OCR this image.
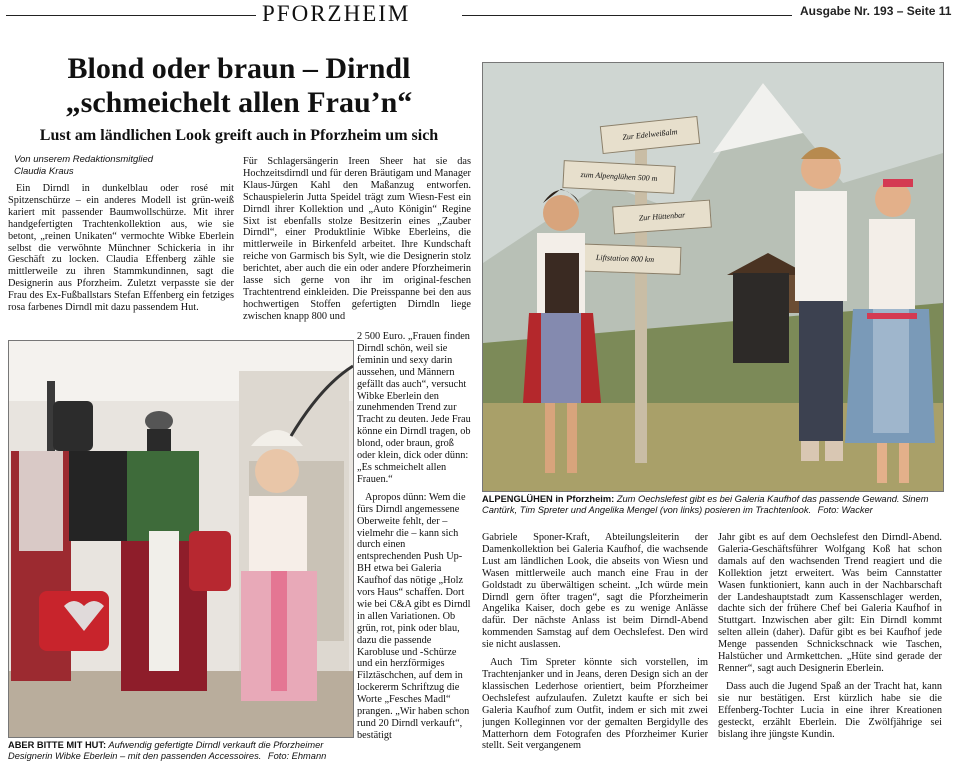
PFORZHEIM	Ausgabe Nr. 193 – Seite 11
Blond oder braun – Dirndl
„schmeichelt allen Frau’n“
Lust am ländlichen Look greift auch in Pforzheim um sich
Von unserem Redaktionsmitglied
Claudia Kraus

Ein Dirndl in dunkelblau oder rosé mit Spitzenschürze – ein anderes Modell ist grün-weiß kariert mit passender Baumwollschürze. Mit ihrer handgefertigten Trachtenkollektion aus, wie sie betont, „reinen Unikaten“ vermochte Wibke Eberlein selbst die verwöhnte Münchner Schickeria in ihr Geschäft zu locken. Claudia Effenberg zähle sie mittlerweile zu ihren Stammkundinnen, sagt die Designerin aus Pforzheim. Zuletzt verpasste sie der Frau des Ex-Fußballstars Stefan Effenberg ein fetziges rosa farbenes Dirndl mit dazu passendem Hut.

Für Schlagersängerin Ireen Sheer hat sie das Hochzeitsdirndl und für deren Bräutigam und Manager Klaus-Jürgen Kahl den Maßanzug entworfen. Schauspielerin Jutta Speidel trägt zum Wiesn-Fest ein Dirndl ihrer Kollektion und „Auto Königin“ Regine Sixt ist ebenfalls stolze Besitzerin eines „Zauber Dirndl“, einer Produktlinie Wibke Eberleins, die mittlerweile in Birkenfeld arbeitet. Ihre Kundschaft reiche von Garmisch bis Sylt, wie die Designerin stolz berichtet, aber auch die ein oder andere Pforzheimerin lasse sich gerne von ihr im original-feschen Trachtentrend einkleiden. Die Preisspanne bei den aus hochwertigen Stoffen gefertigten Dirndln liege zwischen knapp 800 und

2 500 Euro. „Frauen finden Dirndl schön, weil sie feminin und sexy darin aussehen, und Männern gefällt das auch“, versucht Wibke Eberlein den zunehmenden Trend zur Tracht zu deuten. Jede Frau könne ein Dirndl tragen, ob blond, oder braun, groß oder klein, dick oder dünn: „Es schmeichelt allen Frauen.“

Apropos dünn: Wem die fürs Dirndl angemessene Oberweite fehlt, der – vielmehr die – kann sich durch einen entsprechenden Push Up-BH etwa bei Galeria Kaufhof das nötige „Holz vors Haus“ schaffen. Dort wie bei C&A gibt es Dirndl in allen Variationen. Ob grün, rot, pink oder blau, dazu die passende Karobluse und -Schürze und ein herzförmiges Filztäschchen, auf dem in lockererm Schriftzug die Worte „Fesches Madl“ prangen. „Wir haben schon rund 20 Dirndl verkauft“, bestätigt

ABER BITTE MIT HUT: Aufwendig gefertigte Dirndl verkauft die Pforzheimer Designerin Wibke Eberlein – mit den passenden Accessoires. Foto: Ehmann
Zur Edelweißalm
zum Alpenglühen 500 m
Zur Hüttenbar
Liftstation 800 km
ALPENGLÜHEN in Pforzheim: Zum Oechslefest gibt es bei Galeria Kaufhof das passende Gewand. Sinem Cantürk, Tim Spreter und Angelika Mengel (von links) posieren im Trachtenlook. Foto: Wacker

Gabriele Sponer-Kraft, Abteilungsleiterin der Damenkollektion bei Galeria Kaufhof, die wachsende Lust am ländlichen Look, die abseits von Wiesn und Wasen mittlerweile auch manch eine Frau in der Goldstadt zu überwältigen scheint. „Ich würde mein Dirndl gern öfter tragen“, sagt die Pforzheimerin Angelika Kaiser, doch gebe es zu wenige Anlässe dafür. Der nächste Anlass ist beim Dirndl-Abend kommenden Samstag auf dem Oechslefest. Den wird sie nicht auslassen.

Auch Tim Spreter könnte sich vorstellen, im Trachtenjanker und in Jeans, deren Design sich an der klassischen Lederhose orientiert, beim Pforzheimer Oechslefest aufzulaufen. Zuletzt kaufte er sich bei Galeria Kaufhof zum Outfit, indem er sich mit zwei jungen Kolleginnen vor der gemalten Bergidylle des Matterhorn dem Fotografen des Pforzheimer Kurier stellt. Seit vergangenem

Jahr gibt es auf dem Oechslefest den Dirndl-Abend. Galeria-Geschäftsführer Wolfgang Koß hat schon damals auf den wachsenden Trend reagiert und die Kollektion jetzt erweitert. Was beim Cannstatter Wasen funktioniert, kann auch in der Nachbarschaft der Landeshauptstadt zum Kassenschlager werden, dachte sich der frühere Chef bei Galeria Kaufhof in Stuttgart. Inzwischen aber gilt: Ein Dirndl kommt selten allein (daher). Dafür gibt es bei Kaufhof jede Menge passenden Schnickschnack wie Taschen, Halstücher und Armkettchen. „Hüte sind gerade der Renner“, sagt auch Designerin Eberlein.

Dass auch die Jugend Spaß an der Tracht hat, kann sie nur bestätigen. Erst kürzlich habe sie die Effenberg-Tochter Lucia in eine ihrer Kreationen gesteckt, erzählt Eberlein. Die Zwölfjährige sei bislang ihre jüngste Kundin.
